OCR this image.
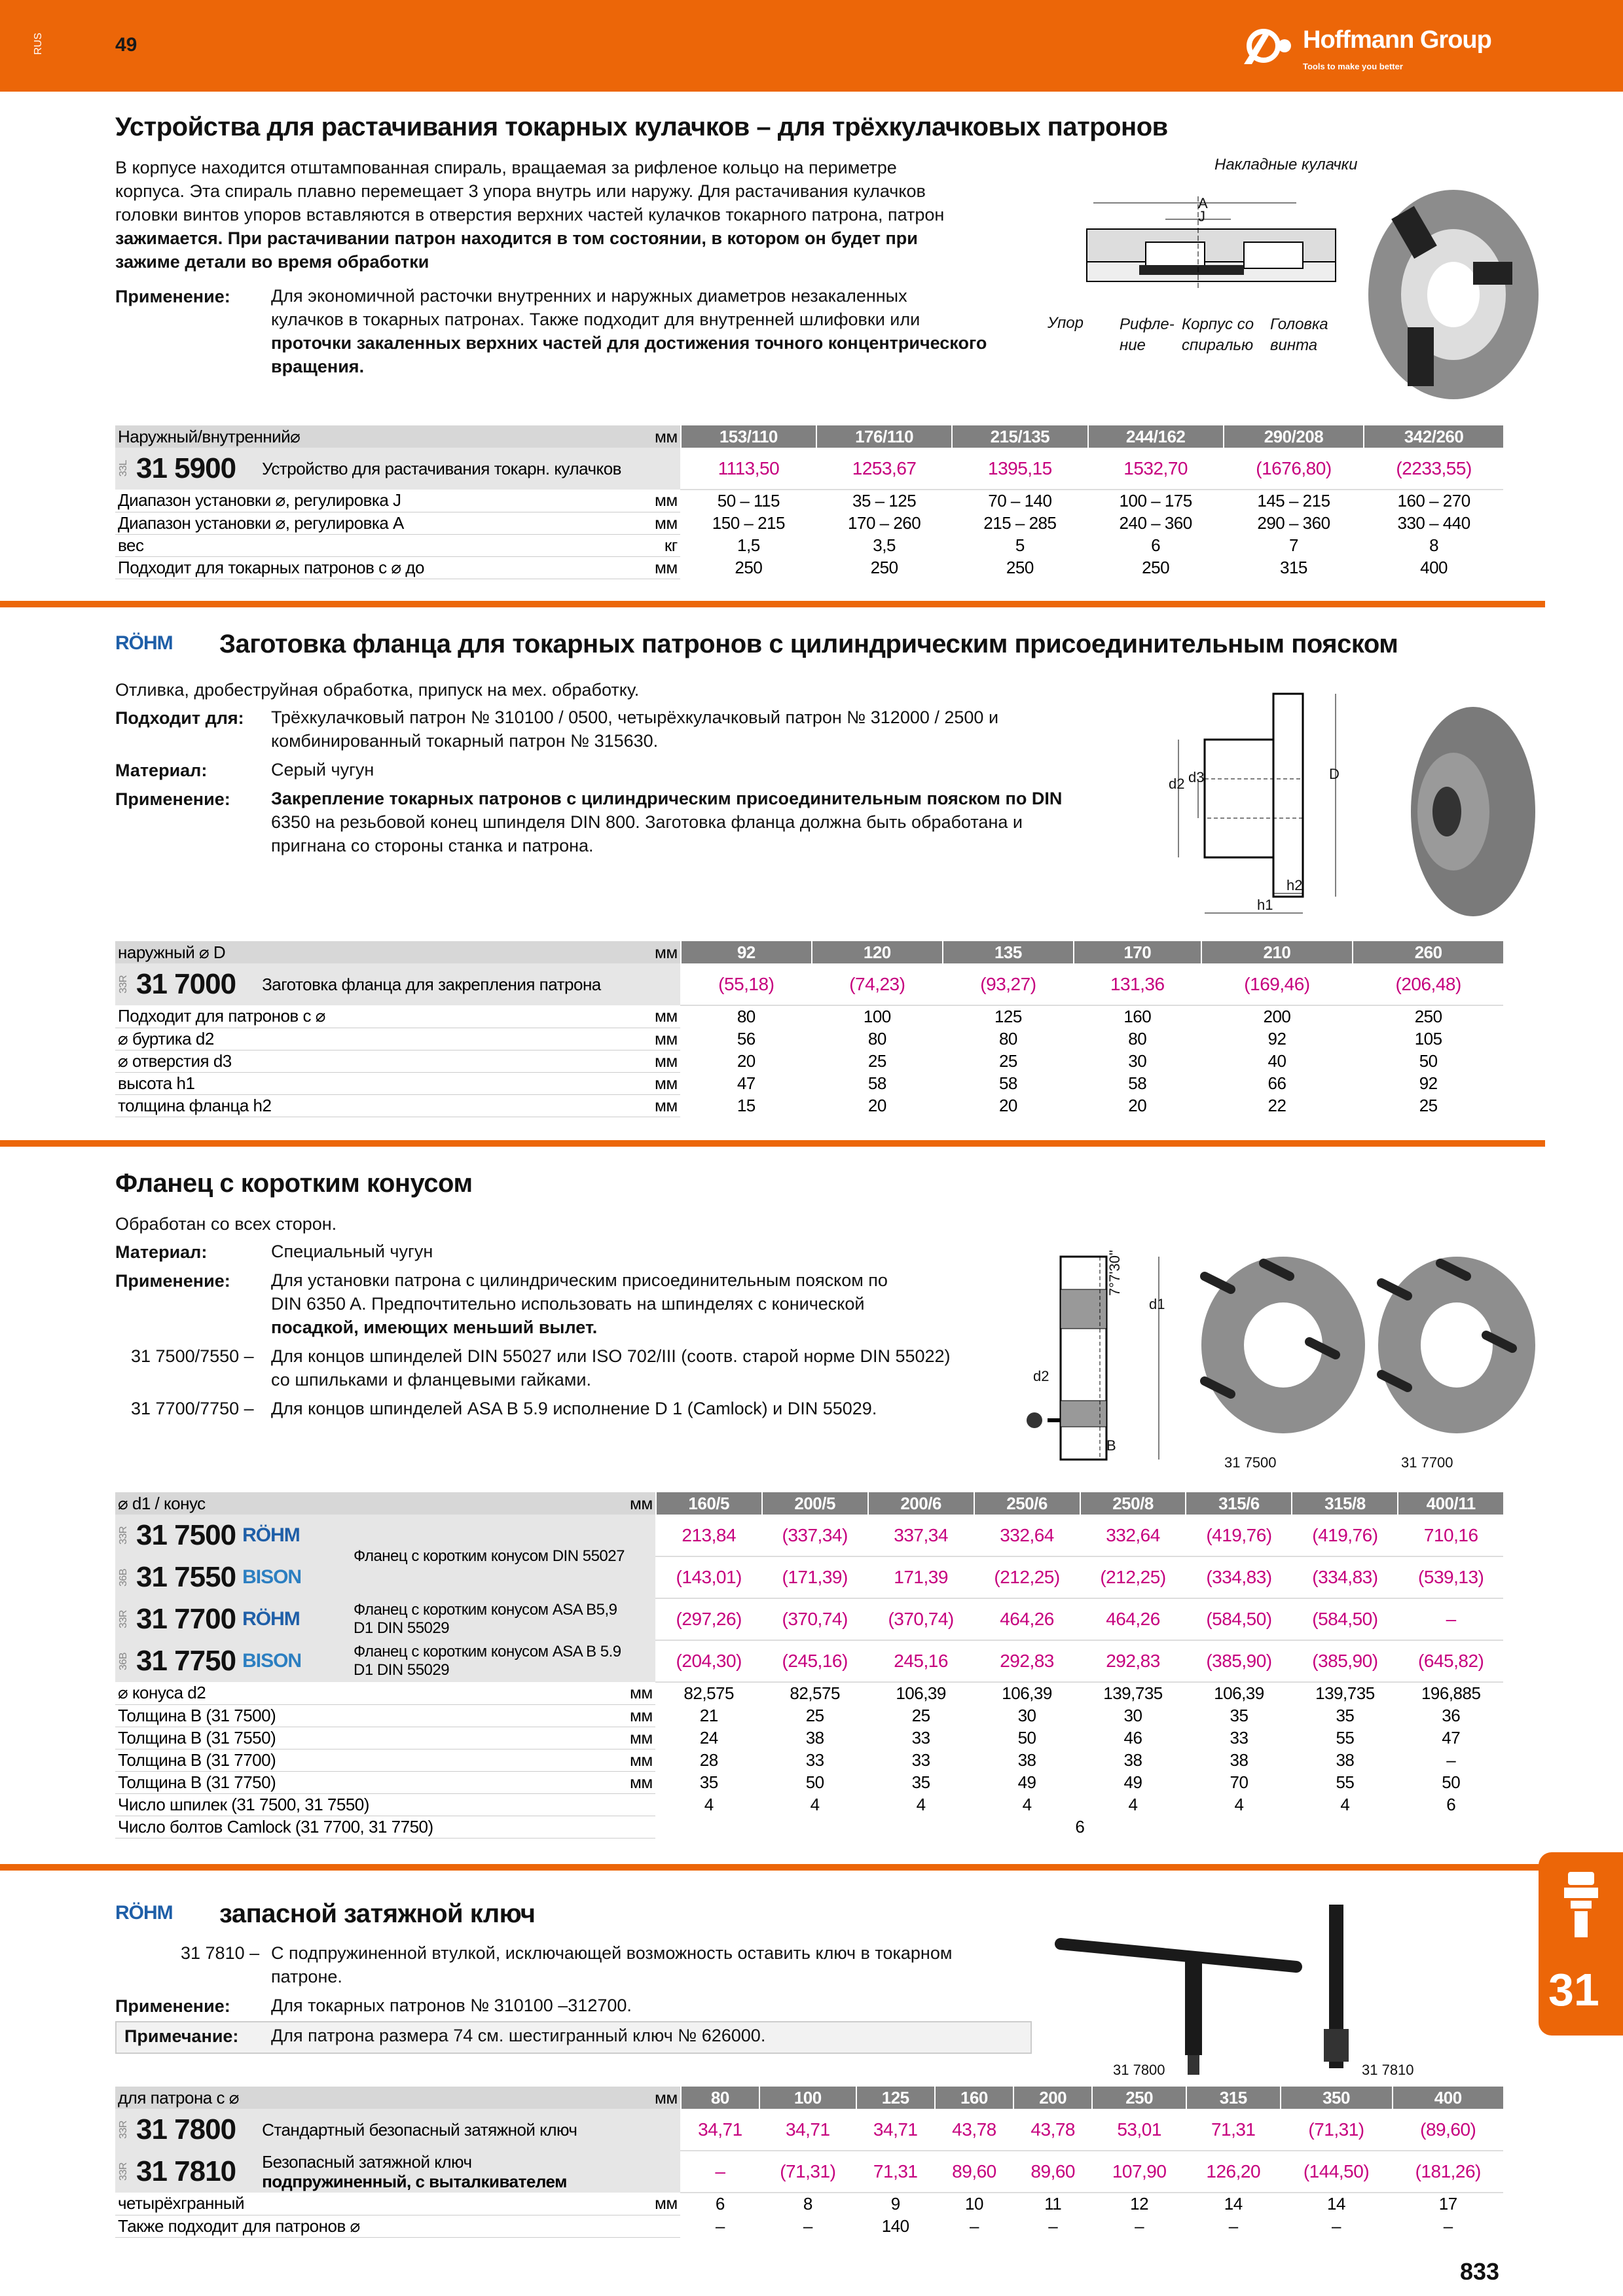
RUS	49	Hoffmann Group
Tools to make you better
Устройства для растачивания токарных кулачков – для трёхкулачковых патронов
В корпусе находится отштампованная спираль, вращаемая за рифленое кольцо на периметре
корпуса. Эта спираль плавно перемещает 3 упора внутрь или наружу. Для растачивания кулачков
головки винтов упоров вставляются в отверстия верхних частей кулачков токарного патрона, патрон
зажимается. При растачивании патрон находится в том состоянии, в котором он будет при
зажиме детали во время обработки
Применение: Для экономичной расточки внутренних и наружных диаметров незакаленных
кулачков в токарных патронах. Также подходит для внутренней шлифовки или
проточки закаленных верхних частей для достижения точного концентрического
вращения.
Накладные кулачки
A
J
Упор Рифле-
ние
Корпус со
спиралью
Головка
винта
Наружный/внутренний⌀	мм	153/110	176/110	215/135	244/162	290/208	342/260

33L 31 5900 Устройство для растачивания токарн. кулачков		1113,50	1253,67	1395,15	1532,70	(1676,80)	(2233,55)
Диапазон установки ⌀, регулировка J	мм	50 – 115	35 – 125	70 – 140	100 – 175	145 – 215	160 – 270
Диапазон установки ⌀, регулировка A	мм	150 – 215	170 – 260	215 – 285	240 – 360	290 – 360	330 – 440
вес	кг	1,5	3,5	5	6	7	8
Подходит для токарных патронов с ⌀ до	мм	250	250	250	250	315	400
RÖHM Заготовка фланца для токарных патронов с цилиндрическим присоединительным пояском
Отливка, дробеструйная обработка, припуск на мех. обработку.
Подходит для: Трёхкулачковый патрон № 310100 / 0500, четырёхкулачковый патрон № 312000 / 2500 и
комбинированный токарный патрон № 315630.
Материал:	Серый чугун
Применение: Закрепление токарных патронов с цилиндрическим присоединительным пояском по DIN
6350 на резьбовой конец шпинделя DIN 800. Заготовка фланца должна быть обработана и
пригнана со стороны станка и патрона.
d2 d3	D
h2
h1
наружный ⌀ D	мм	92	120	135	170	210	260

33R 31 7000 Заготовка фланца для закрепления патрона		(55,18)	(74,23)	(93,27)	131,36	(169,46)	(206,48)
Подходит для патронов с ⌀	мм	80	100	125	160	200	250
⌀ буртика d2	мм	56	80	80	80	92	105
⌀ отверстия d3	мм	20	25	25	30	40	50
высота h1	мм	47	58	58	58	66	92
толщина фланца h2	мм	15	20	20	20	22	25
Фланец с коротким конусом
Обработан со всех сторон.
Материал:	Специальный чугун
Применение: Для установки патрона с цилиндрическим присоединительным пояском по
DIN 6350 A. Предпочтительно использовать на шпинделях с конической
посадкой, имеющих меньший вылет.
31 7500/7550 – Для концов шпинделей DIN 55027 или ISO 702/III (соотв. старой норме DIN 55022)
со шпильками и фланцевыми гайками.
31 7700/7750 – Для концов шпинделей ASA B 5.9 исполнение D 1 (Camlock) и DIN 55029.
7°7'30''
d1
d2
B
31 7500	31 7700
⌀ d1 / конус		мм	160/5	200/5	200/6	250/6	250/8	315/6	315/8	400/11

33R 31 7500 RÖHM	Фланец с коротким конусом DIN 55027		213,84	(337,34)	337,34	332,64	332,64	(419,76)	(419,76)	710,16

36B 31 7550 BISON			(143,01)	(171,39)	171,39	(212,25)	(212,25)	(334,83)	(334,83)	(539,13)

33R 31 7700 RÖHM	Фланец с коротким конусом ASA B5,9 D1 DIN 55029		(297,26)	(370,74)	(370,74)	464,26	464,26	(584,50)	(584,50)	–

36B 31 7750 BISON	Фланец с коротким конусом ASA B 5.9 D1 DIN 55029		(204,30)	(245,16)	245,16	292,83	292,83	(385,90)	(385,90)	(645,82)
⌀ конуса d2		мм	82,575	82,575	106,39	106,39	139,735	106,39	139,735	196,885
Толщина B (31 7500)		мм	21	25	25	30	30	35	35	36
Толщина B (31 7550)		мм	24	38	33	50	46	33	55	47
Толщина B (31 7700)		мм	28	33	33	38	38	38	38	–
Толщина B (31 7750)		мм	35	50	35	49	49	70	55	50
Число шпилек (31 7500, 31 7550)			4	4	4	4	4	4	4	6
Число болтов Camlock (31 7700, 31 7750)			6							
RÖHM запасной затяжной ключ
31 7810 – С подпружиненной втулкой, исключающей возможность оставить ключ в токарном
патроне.
Применение: Для токарных патронов № 310100 –312700.
Примечание: Для патрона размера 74 см. шестигранный ключ № 626000.
31 7800	31 7810
для патрона с ⌀	мм	80	100	125	160	200	250	315	350	400

33R 31 7800 Стандартный безопасный затяжной ключ		34,71	34,71	34,71	43,78	43,78	53,01	71,31	(71,31)	(89,60)

33R 31 7810 Безопасный затяжной ключ
подпружиненный, с выталкивателем		–	(71,31)	71,31	89,60	89,60	107,90	126,20	(144,50)	(181,26)
четырёхгранный	мм	6	8	9	10	11	12	14	14	17
Также подходит для патронов ⌀		–	–	140	–	–	–	–	–	–
31
833
